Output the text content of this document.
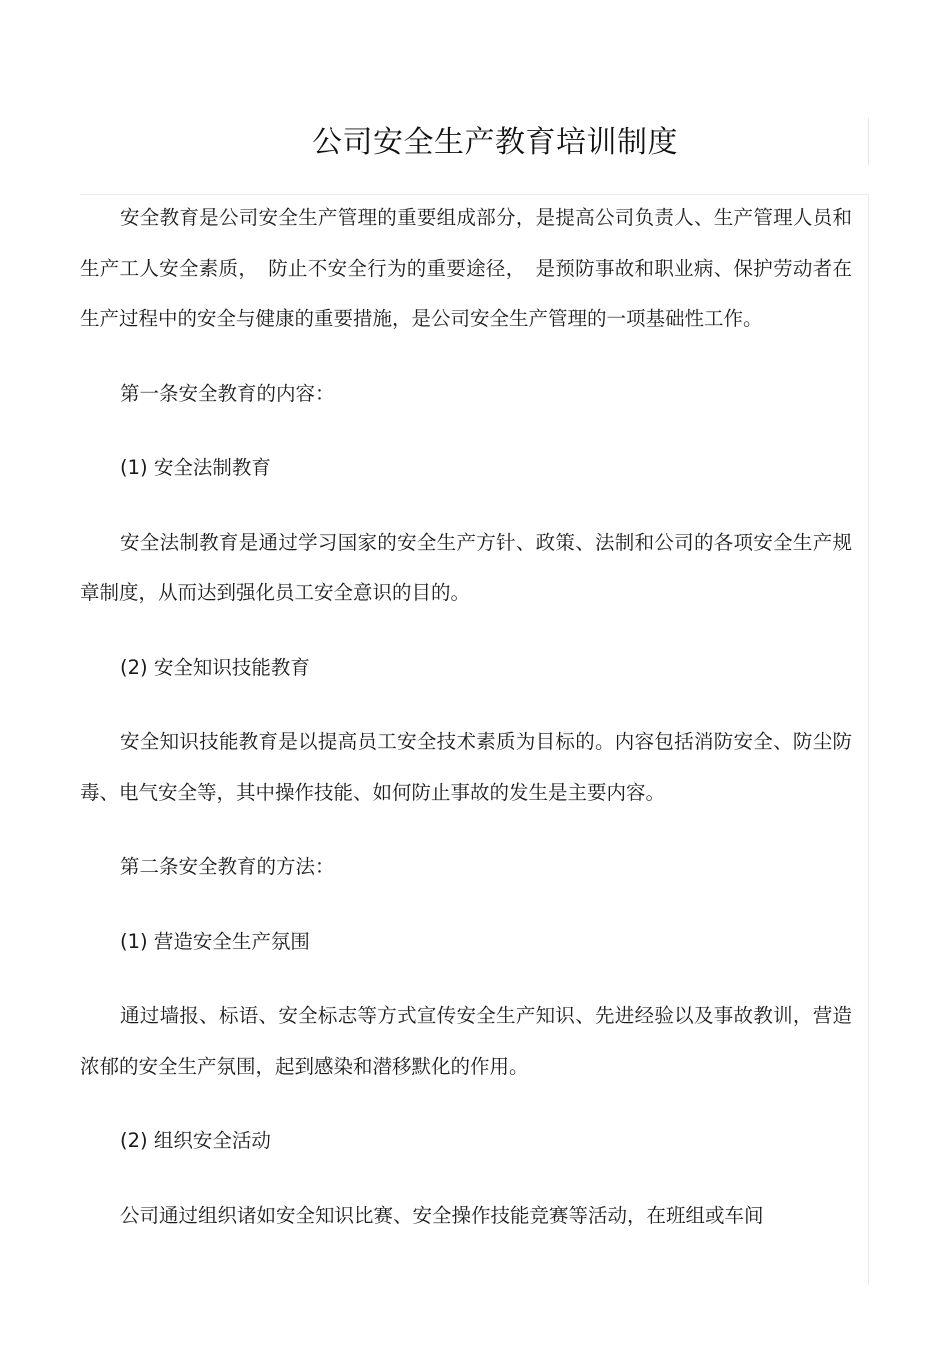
公司安全生产教育培训制度

安全教育是公司安全生产管理的重要组成部分，是提高公司负责人、生产管理人员和生产工人安全素质，　防止不安全行为的重要途径，　是预防事故和职业病、保护劳动者在生产过程中的安全与健康的重要措施，是公司安全生产管理的一项基础性工作。

第一条安全教育的内容：

(1) 安全法制教育

安全法制教育是通过学习国家的安全生产方针、政策、法制和公司的各项安全生产规章制度，从而达到强化员工安全意识的目的。

(2) 安全知识技能教育

安全知识技能教育是以提高员工安全技术素质为目标的。内容包括消防安全、防尘防毒、电气安全等，其中操作技能、如何防止事故的发生是主要内容。

第二条安全教育的方法：

(1) 营造安全生产氛围

通过墙报、标语、安全标志等方式宣传安全生产知识、先进经验以及事故教训，营造浓郁的安全生产氛围，起到感染和潜移默化的作用。

(2) 组织安全活动

公司通过组织诸如安全知识比赛、安全操作技能竞赛等活动，在班组或车间
